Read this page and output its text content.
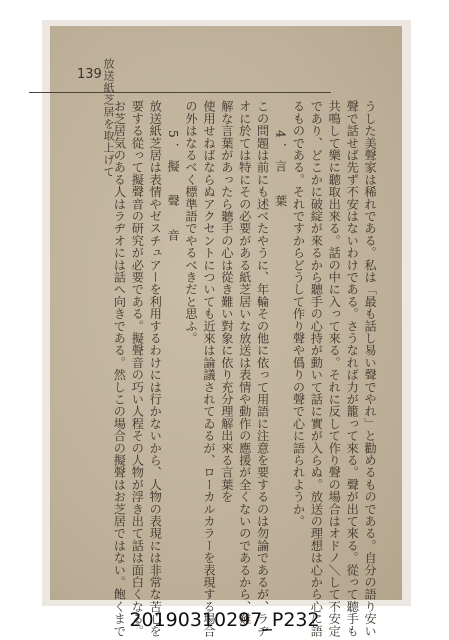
139 放送紙芝居を取上げて	うした美聲家は稀れである。私は「最も話し易い聲でやれ」と勸めるものである。自分の語り安い
聲で話せば先ず不安はないわけである。さうなれば力が籠って來る。聲が出て來る。從って聽手も
共鳴して樂に聽取出來る。話の中に入って來る。それに反して作り聲の場合はオドノ＼して不安定
であり、どこかに破綻が來るから聽手の心持が動いて話に實が入らぬ。放送の理想は心から心に語
るものである。それですからどうして作り聲や僞りの聲で心に語られようか。
4．言　葉
この問題は前にも述べたやうに、年輪その他に依って用語に注意を要するのは勿論であるが、ラヂ
オに於ては特にその必要がある紙芝居いな放送は表情や動作の應援が全くないのであるから、難
解な言葉があったら聽手の心は從き難い對象に依り充分理解出來る言葉を
使用せねばならぬアクセントについても近來は論議されてゐるが、ローカルカラーを表現する場合
の外はなるべく標準語でやるべきだと思ふ。
5．擬　聲　音
放送紙芝居は表情やゼスチュアーを利用するわけには行かないから、人物の表現には非常な苦心を
要する從って擬聲音の研究が必要である。擬聲音の巧い人程その人物が浮き出て話は面白くなる。
お芝居気のある人はラヂオには話へ向きである。然しこの場合の擬聲はお芝居ではない。飽くまで 20190310297_P232
